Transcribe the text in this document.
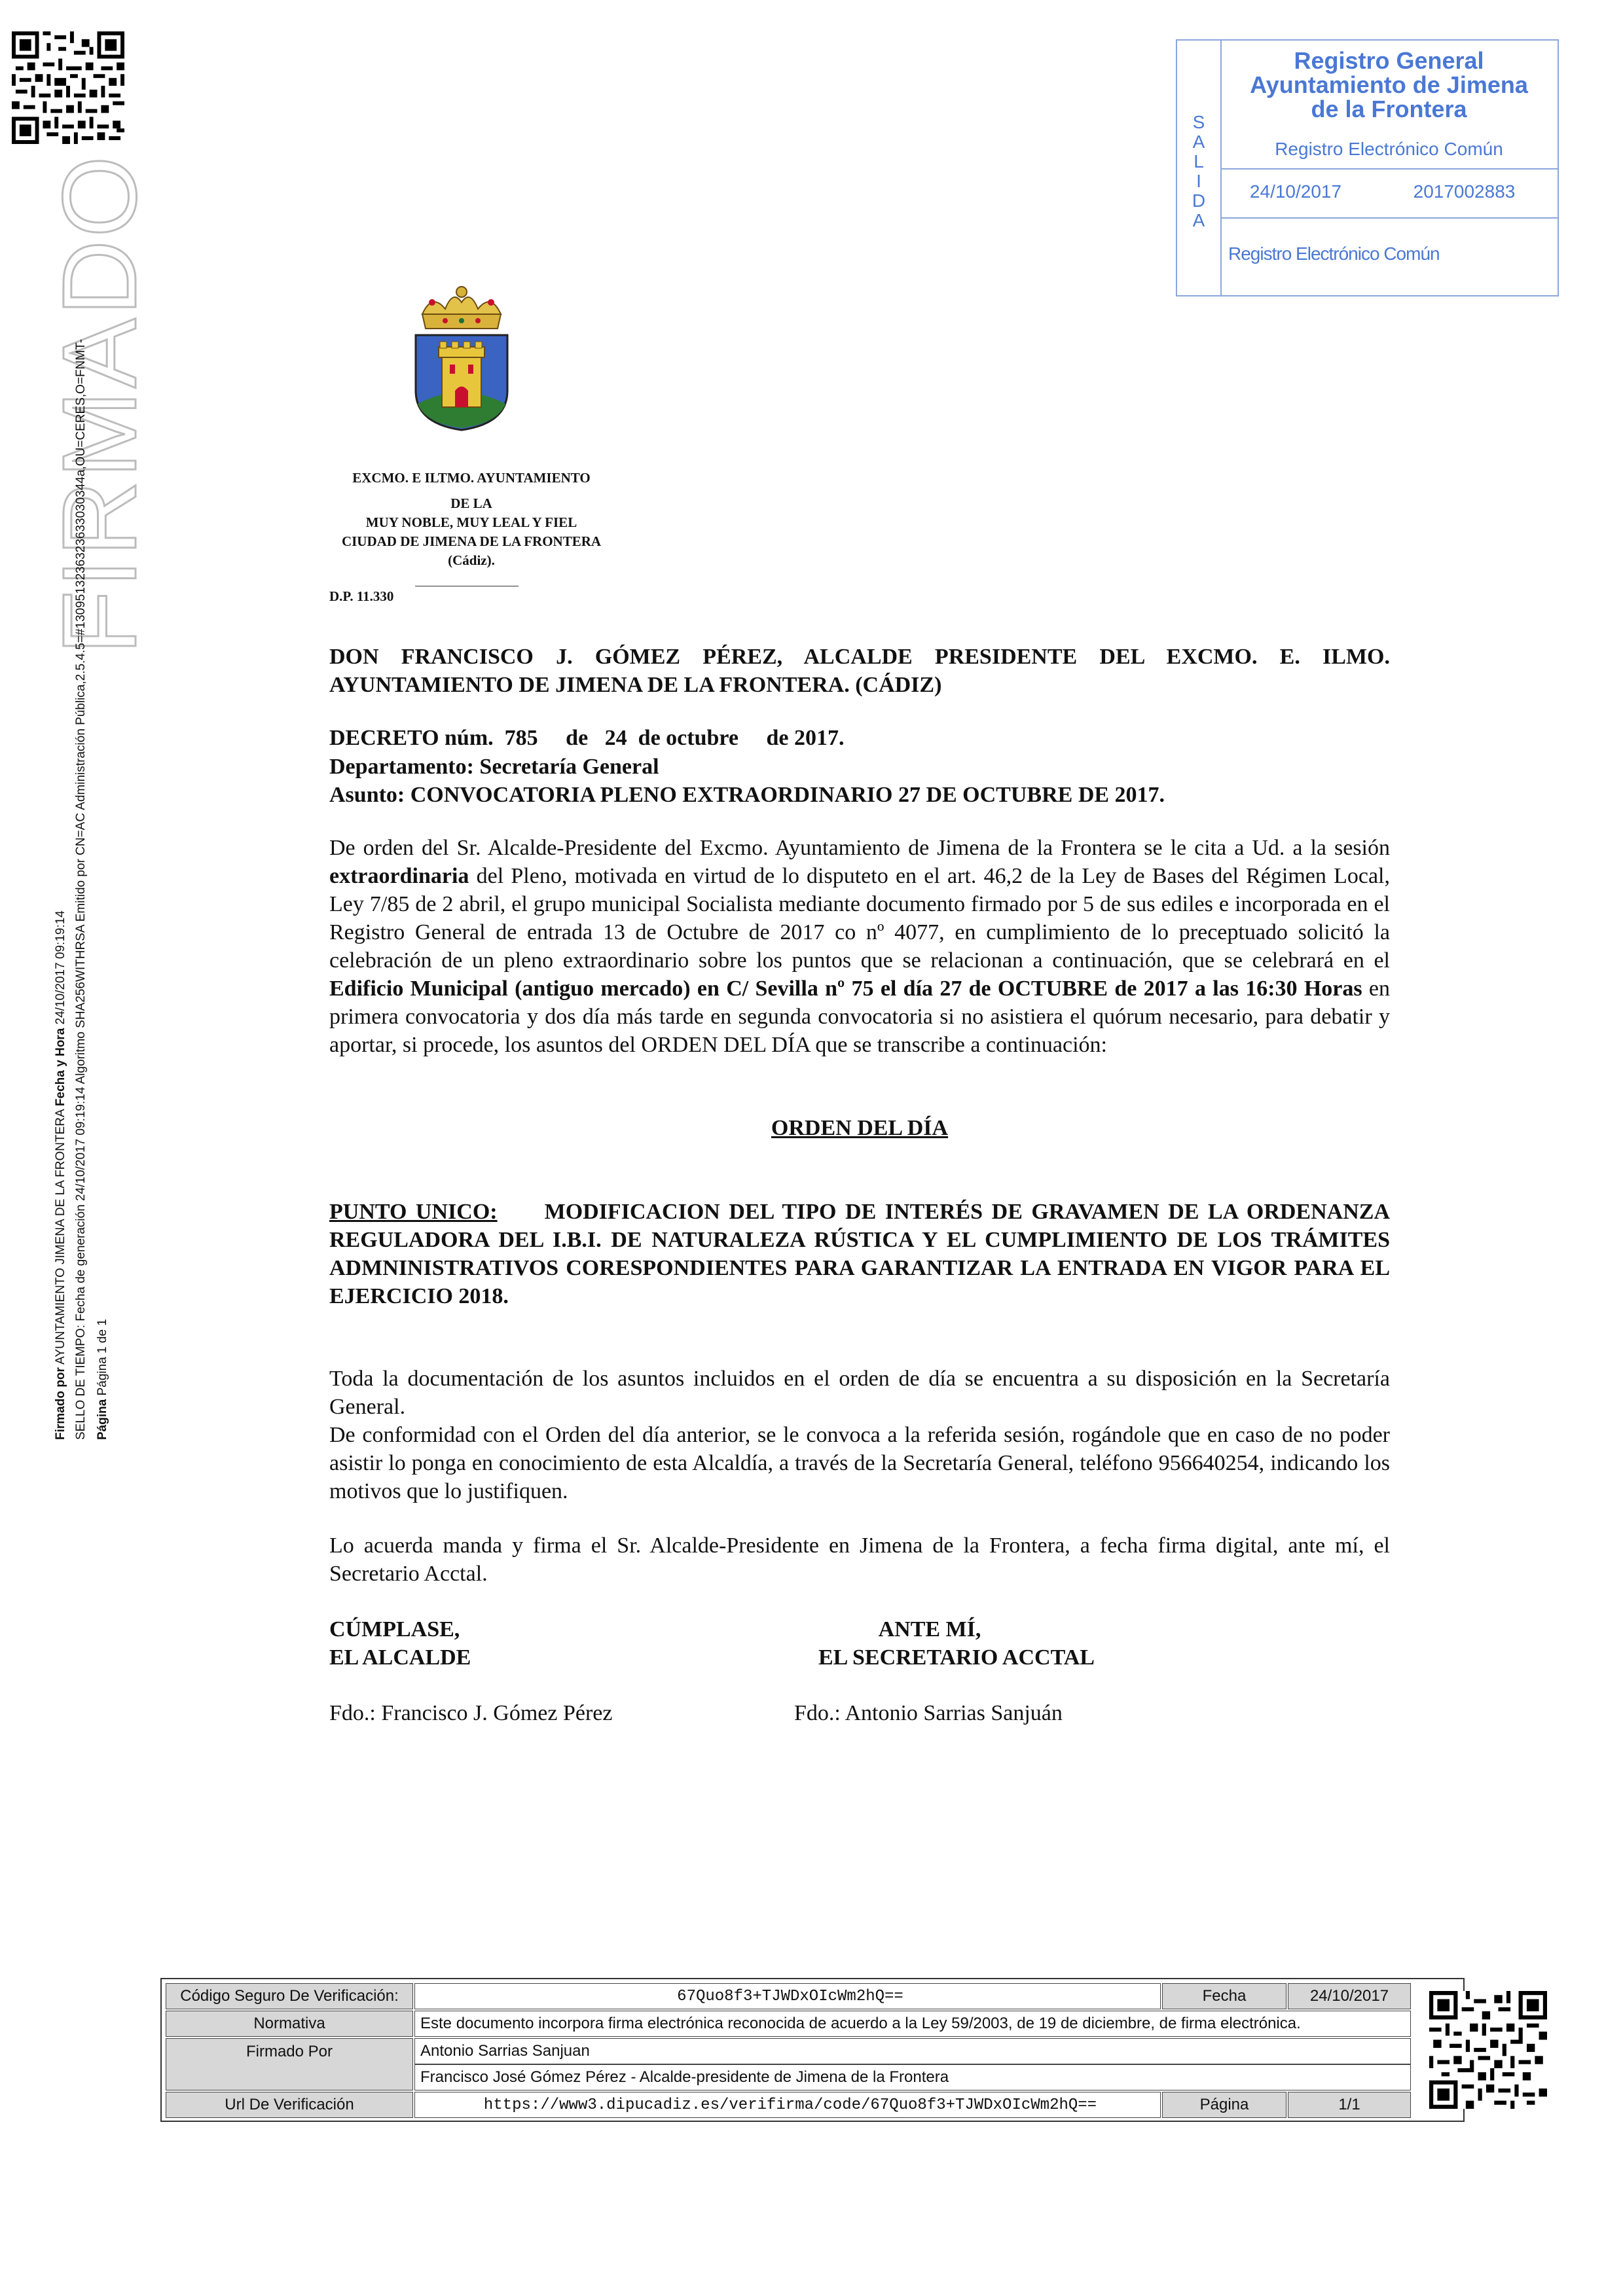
FIRMADO
Firmado por AYUNTAMIENTO JIMENA DE LA FRONTERA Fecha y Hora 24/10/2017 09:19:14 SELLO DE TIEMPO: Fecha de generación 24/10/2017 09:19:14 Algoritmo SHA256WITHRSA Emitido por CN=AC Administración Pública,2.5.4.5=#1309513236323633030344a,OU=CERES,O=FNMT- Página Página 1 de 1
S
A
L
I
D
A
Registro General
Ayuntamiento de Jimena
de la Frontera
Registro Electrónico Común
24/10/2017	2017002883
Registro Electrónico Común
EXCMO. E ILTMO. AYUNTAMIENTO
DE LA
MUY NOBLE, MUY LEAL Y FIEL
CIUDAD DE JIMENA DE LA FRONTERA
(Cádiz).
D.P. 11.330
DON FRANCISCO J. GÓMEZ PÉREZ, ALCALDE PRESIDENTE DEL EXCMO. E. ILMO.
AYUNTAMIENTO DE JIMENA DE LA FRONTERA. (CÁDIZ)
DECRETO núm.  785     de   24  de octubre     de 2017.
Departamento: Secretaría General
Asunto: CONVOCATORIA PLENO EXTRAORDINARIO 27 DE OCTUBRE DE 2017.
De orden del Sr. Alcalde-Presidente del Excmo. Ayuntamiento de Jimena de la Frontera se le cita a Ud. a la sesión extraordinaria del Pleno, motivada en virtud de lo disputeto en el art. 46,2 de la Ley de Bases del Régimen Local, Ley 7/85 de 2 abril, el grupo municipal Socialista mediante documento firmado por 5 de sus ediles e incorporada en el Registro General de entrada 13 de Octubre de 2017 co nº 4077, en cumplimiento de lo preceptuado solicitó la celebración de un pleno extraordinario sobre los puntos que se relacionan a continuación, que se celebrará en el Edificio Municipal (antiguo mercado) en C/ Sevilla nº 75 el día 27 de OCTUBRE de 2017 a las 16:30 Horas en primera convocatoria y dos día más tarde en segunda convocatoria si no asistiera el quórum necesario, para debatir y aportar, si procede, los asuntos del ORDEN DEL DÍA que se transcribe a continuación:
ORDEN DEL DÍA
PUNTO UNICO: MODIFICACION DEL TIPO DE INTERÉS DE GRAVAMEN DE LA ORDENANZA REGULADORA DEL I.B.I. DE NATURALEZA RÚSTICA Y EL CUMPLIMIENTO DE LOS TRÁMITES ADMNINISTRATIVOS CORESPONDIENTES PARA GARANTIZAR LA ENTRADA EN VIGOR PARA EL EJERCICIO 2018.
Toda la documentación de los asuntos incluidos en el orden de día se encuentra a su disposición en la Secretaría General.
De conformidad con el Orden del día anterior, se le convoca a la referida sesión, rogándole que en caso de no poder asistir lo ponga en conocimiento de esta Alcaldía, a través de la Secretaría General, teléfono 956640254, indicando los motivos que lo justifiquen.
Lo acuerda manda y firma el Sr. Alcalde-Presidente en Jimena de la Frontera, a fecha firma digital, ante mí, el Secretario Acctal.
CÚMPLASE,
EL ALCALDE
ANTE MÍ,
EL SECRETARIO ACCTAL
Fdo.: Francisco J. Gómez Pérez	Fdo.: Antonio Sarrias Sanjuán
Código Seguro De Verificación:	67Quo8f3+TJWDxOIcWm2hQ==	Fecha	24/10/2017
Normativa	Este documento incorpora firma electrónica reconocida de acuerdo a la Ley 59/2003, de 19 de diciembre, de firma electrónica.
Firmado Por	Antonio Sarrias Sanjuan
Francisco José Gómez Pérez - Alcalde-presidente de Jimena de la Frontera
Url De Verificación	https://www3.dipucadiz.es/verifirma/code/67Quo8f3+TJWDxOIcWm2hQ==	Página	1/1
